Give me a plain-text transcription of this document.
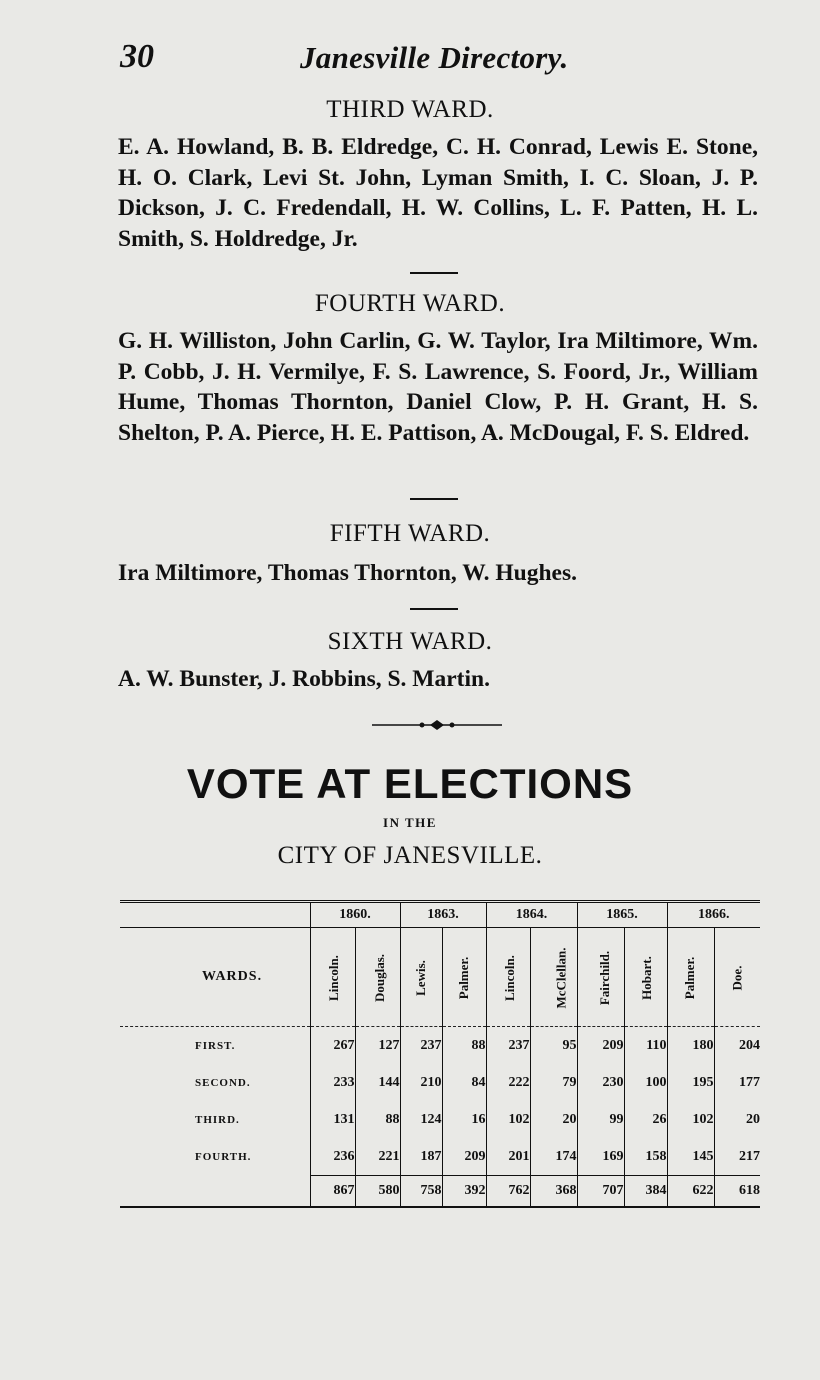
30	Janesville Directory.
THIRD WARD.
E. A. Howland, B. B. Eldredge, C. H. Conrad, Lewis E. Stone, H. O. Clark, Levi St. John, Lyman Smith, I. C. Sloan, J. P. Dickson, J. C. Fredendall, H. W. Collins, L. F. Patten, H. L. Smith, S. Holdredge, Jr.
FOURTH WARD.
G. H. Williston, John Carlin, G. W. Taylor, Ira Miltimore, Wm. P. Cobb, J. H. Vermilye, F. S. Lawrence, S. Foord, Jr., William Hume, Thomas Thornton, Daniel Clow, P. H. Grant, H. S. Shelton, P. A. Pierce, H. E. Pattison, A. McDougal, F. S. Eldred.
FIFTH WARD.
Ira Miltimore, Thomas Thornton, W. Hughes.
SIXTH WARD.
A. W. Bunster, J. Robbins, S. Martin.
VOTE AT ELECTIONS
IN THE
CITY OF JANESVILLE.
	1860.		1863.		1864.		1865.		1866.	
WARDS.	Lincoln.	Douglas.	Lewis.	Palmer.	Lincoln.	McClellan.	Fairchild.	Hobart.	Palmer.	Doe.
FIRST.	267	127	237	88	237	95	209	110	180	204
SECOND.	233	144	210	84	222	79	230	100	195	177
THIRD.	131	88	124	16	102	20	99	26	102	20
FOURTH.	236	221	187	209	201	174	169	158	145	217
	867	580	758	392	762	368	707	384	622	618
